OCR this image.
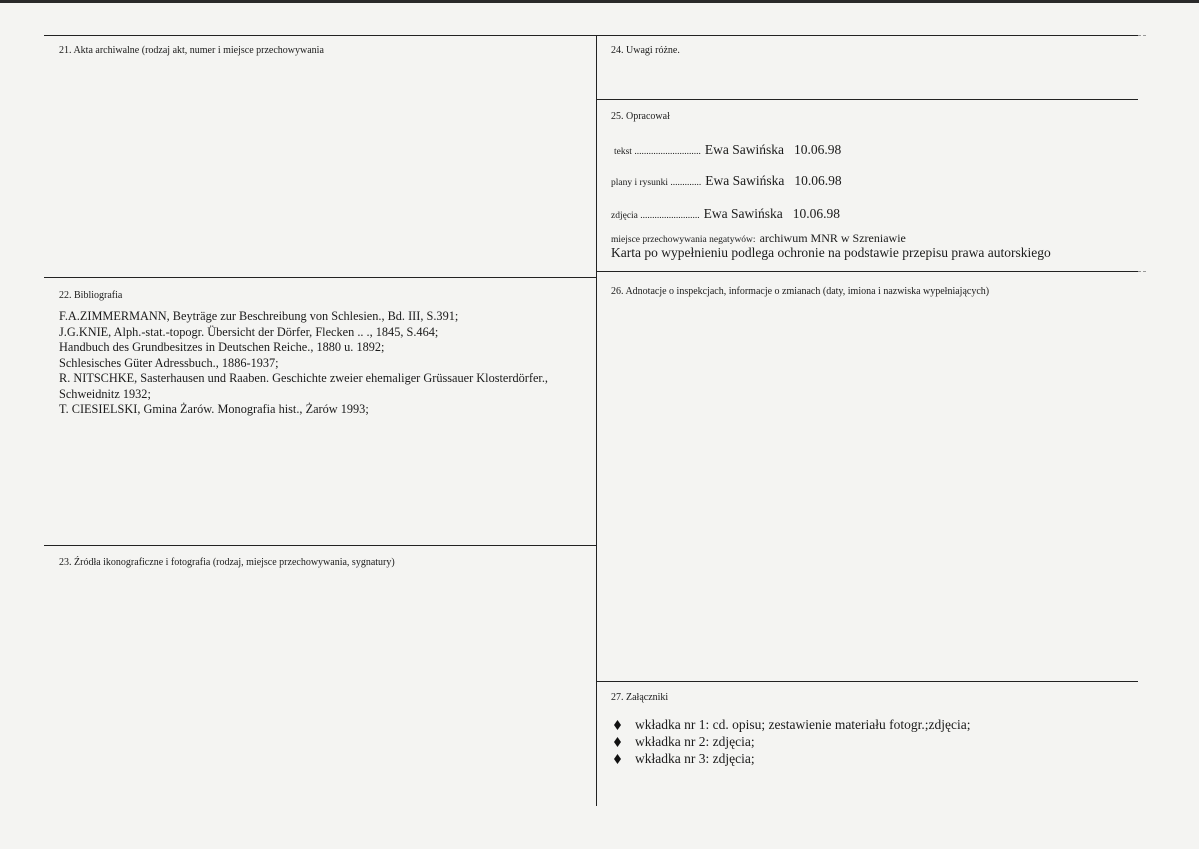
21. Akta archiwalne (rodzaj akt, numer i miejsce przechowywania	24. Uwagi różne.
25. Opracował
tekst ............................ Ewa Sawińska 10.06.98
plany i rysunki ............. Ewa Sawińska 10.06.98
zdjęcia ......................... Ewa Sawińska 10.06.98
miejsce przechowywania negatywów: archiwum MNR w Szreniawie
Karta po wypełnieniu podlega ochronie na podstawie przepisu prawa autorskiego
22. Bibliografia
F.A.ZIMMERMANN, Beyträge zur Beschreibung von Schlesien., Bd. III, S.391;
J.G.KNIE, Alph.-stat.-topogr. Übersicht der Dörfer, Flecken .. ., 1845, S.464;
Handbuch des Grundbesitzes in Deutschen Reiche., 1880 u. 1892;
Schlesisches Güter Adressbuch., 1886-1937;
R. NITSCHKE, Sasterhausen und Raaben. Geschichte zweier ehemaliger Grüssauer Klosterdörfer.,
Schweidnitz 1932;
T. CIESIELSKI, Gmina Żarów. Monografia hist., Żarów 1993;
26. Adnotacje o inspekcjach, informacje o zmianach (daty, imiona i nazwiska wypełniających)
23. Źródła ikonograficzne i fotografia (rodzaj, miejsce przechowywania, sygnatury)
27. Załączniki
wkładka nr 1: cd. opisu; zestawienie materiału fotogr.;zdjęcia;
wkładka nr 2: zdjęcia;
wkładka nr 3: zdjęcia;
